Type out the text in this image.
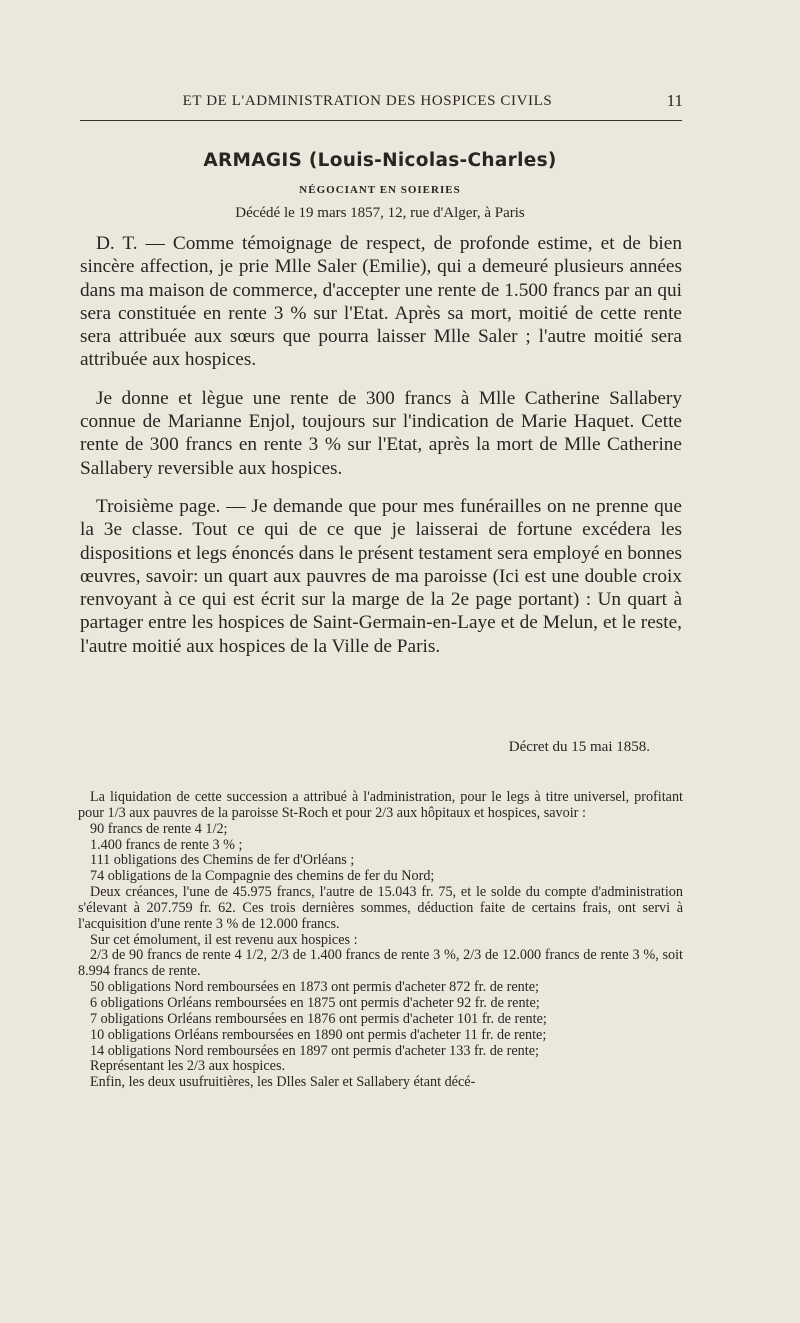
ET DE L'ADMINISTRATION DES HOSPICES CIVILS	11
ARMAGIS (Louis-Nicolas-Charles)
NÉGOCIANT EN SOIERIES
Décédé le 19 mars 1857, 12, rue d'Alger, à Paris

D. T. — Comme témoignage de respect, de profonde estime, et de bien sincère affection, je prie Mlle Saler (Emilie), qui a demeuré plusieurs années dans ma maison de commerce, d'accepter une rente de 1.500 francs par an qui sera constituée en rente 3 % sur l'Etat. Après sa mort, moitié de cette rente sera attribuée aux sœurs que pourra laisser Mlle Saler ; l'autre moitié sera attribuée aux hospices.

Je donne et lègue une rente de 300 francs à Mlle Catherine Sallabery connue de Marianne Enjol, toujours sur l'indication de Marie Haquet. Cette rente de 300 francs en rente 3 % sur l'Etat, après la mort de Mlle Catherine Sallabery reversible aux hospices.

Troisième page. — Je demande que pour mes funérailles on ne prenne que la 3e classe. Tout ce qui de ce que je laisserai de fortune excédera les dispositions et legs énoncés dans le présent testament sera employé en bonnes œuvres, savoir: un quart aux pauvres de ma paroisse (Ici est une double croix renvoyant à ce qui est écrit sur la marge de la 2e page portant) : Un quart à partager entre les hospices de Saint-Germain-en-Laye et de Melun, et le reste, l'autre moitié aux hospices de la Ville de Paris.

Décret du 15 mai 1858.

La liquidation de cette succession a attribué à l'administration, pour le legs à titre universel, profitant pour 1/3 aux pauvres de la paroisse St-Roch et pour 2/3 aux hôpitaux et hospices, savoir :

90 francs de rente 4 1/2;

1.400 francs de rente 3 % ;

111 obligations des Chemins de fer d'Orléans ;

74 obligations de la Compagnie des chemins de fer du Nord;

Deux créances, l'une de 45.975 francs, l'autre de 15.043 fr. 75, et le solde du compte d'administration s'élevant à 207.759 fr. 62. Ces trois dernières sommes, déduction faite de certains frais, ont servi à l'acquisition d'une rente 3 % de 12.000 francs.

Sur cet émolument, il est revenu aux hospices :

2/3 de 90 francs de rente 4 1/2, 2/3 de 1.400 francs de rente 3 %, 2/3 de 12.000 francs de rente 3 %, soit 8.994 francs de rente.

50 obligations Nord remboursées en 1873 ont permis d'acheter 872 fr. de rente;

6 obligations Orléans remboursées en 1875 ont permis d'acheter 92 fr. de rente;

7 obligations Orléans remboursées en 1876 ont permis d'acheter 101 fr. de rente;

10 obligations Orléans remboursées en 1890 ont permis d'acheter 11 fr. de rente;

14 obligations Nord remboursées en 1897 ont permis d'acheter 133 fr. de rente;

Représentant les 2/3 aux hospices.

Enfin, les deux usufruitières, les Dlles Saler et Sallabery étant décé-
